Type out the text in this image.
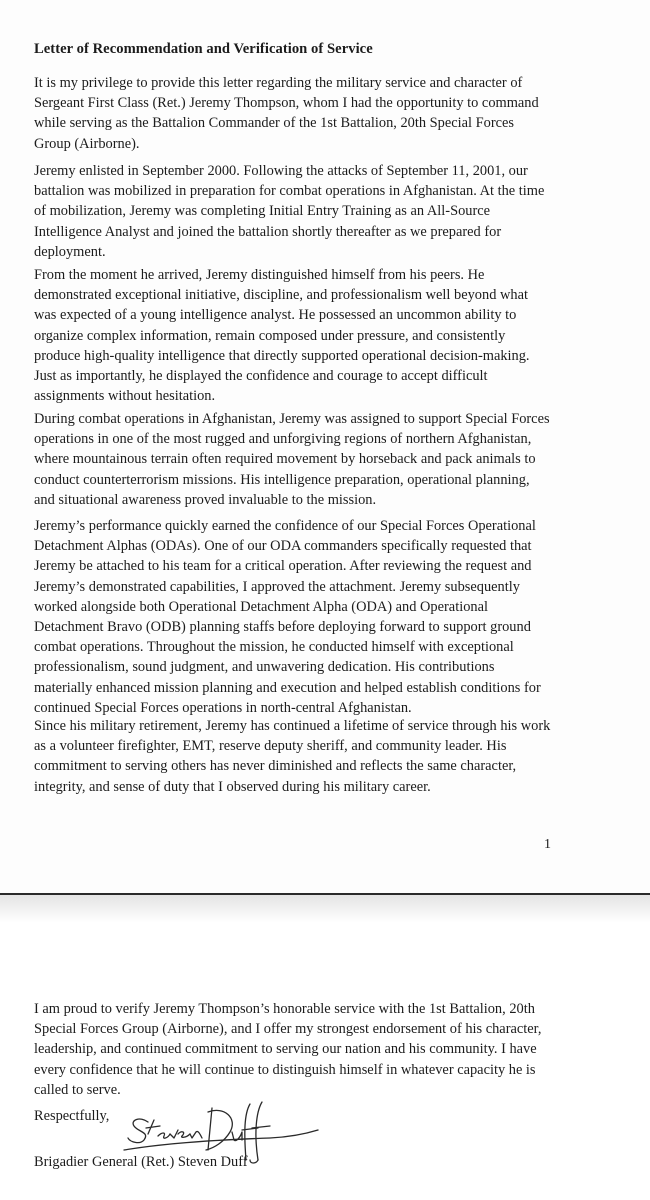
Letter of Recommendation and Verification of Service

It is my privilege to provide this letter regarding the military service and character of
Sergeant First Class (Ret.) Jeremy Thompson, whom I had the opportunity to command
while serving as the Battalion Commander of the 1st Battalion, 20th Special Forces
Group (Airborne).

Jeremy enlisted in September 2000. Following the attacks of September 11, 2001, our
battalion was mobilized in preparation for combat operations in Afghanistan. At the time
of mobilization, Jeremy was completing Initial Entry Training as an All-Source
Intelligence Analyst and joined the battalion shortly thereafter as we prepared for
deployment.

From the moment he arrived, Jeremy distinguished himself from his peers. He
demonstrated exceptional initiative, discipline, and professionalism well beyond what
was expected of a young intelligence analyst. He possessed an uncommon ability to
organize complex information, remain composed under pressure, and consistently
produce high-quality intelligence that directly supported operational decision-making.
Just as importantly, he displayed the confidence and courage to accept difficult
assignments without hesitation.

During combat operations in Afghanistan, Jeremy was assigned to support Special Forces
operations in one of the most rugged and unforgiving regions of northern Afghanistan,
where mountainous terrain often required movement by horseback and pack animals to
conduct counterterrorism missions. His intelligence preparation, operational planning,
and situational awareness proved invaluable to the mission.

Jeremy’s performance quickly earned the confidence of our Special Forces Operational
Detachment Alphas (ODAs). One of our ODA commanders specifically requested that
Jeremy be attached to his team for a critical operation. After reviewing the request and
Jeremy’s demonstrated capabilities, I approved the attachment. Jeremy subsequently
worked alongside both Operational Detachment Alpha (ODA) and Operational
Detachment Bravo (ODB) planning staffs before deploying forward to support ground
combat operations. Throughout the mission, he conducted himself with exceptional
professionalism, sound judgment, and unwavering dedication. His contributions
materially enhanced mission planning and execution and helped establish conditions for
continued Special Forces operations in north-central Afghanistan.

Since his military retirement, Jeremy has continued a lifetime of service through his work
as a volunteer firefighter, EMT, reserve deputy sheriff, and community leader. His
commitment to serving others has never diminished and reflects the same character,
integrity, and sense of duty that I observed during his military career.

1

I am proud to verify Jeremy Thompson’s honorable service with the 1st Battalion, 20th
Special Forces Group (Airborne), and I offer my strongest endorsement of his character,
leadership, and continued commitment to serving our nation and his community. I have
every confidence that he will continue to distinguish himself in whatever capacity he is
called to serve.

Respectfully,
Brigadier General (Ret.) Steven Duff
